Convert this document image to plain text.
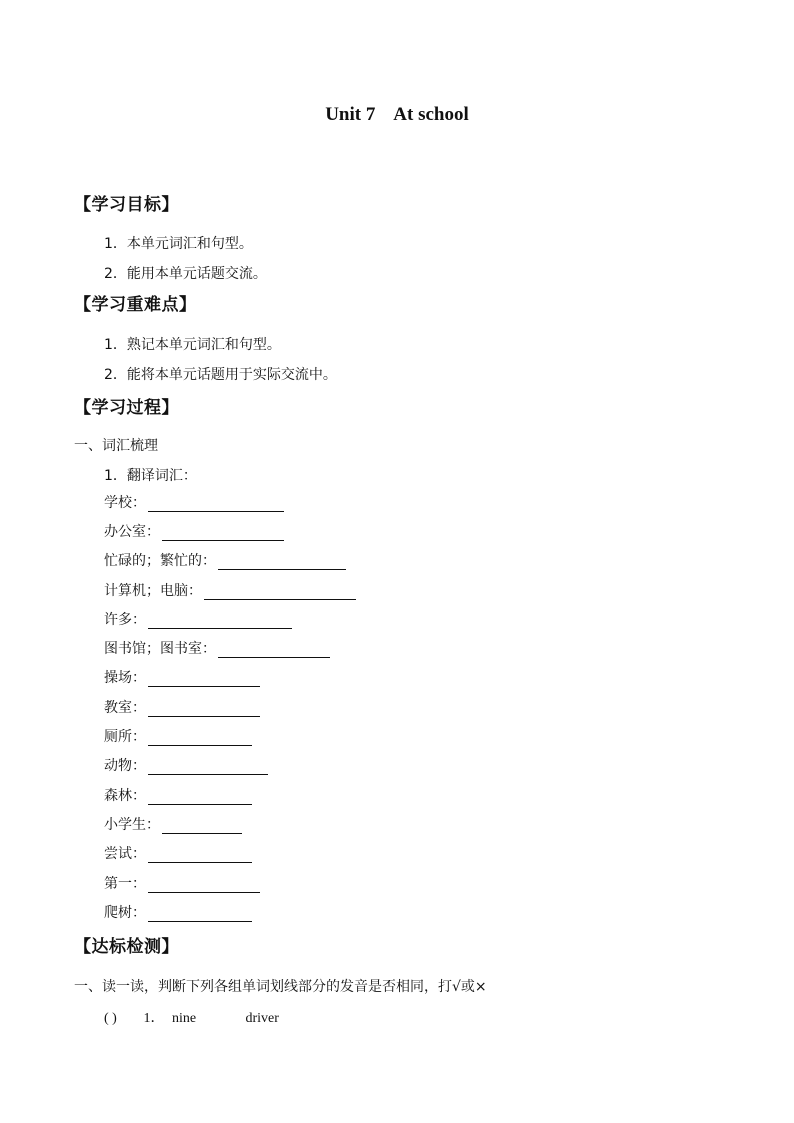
Unit 7    At school
【学习目标】
1．本单元词汇和句型。
2．能用本单元话题交流。
【学习重难点】
1．熟记本单元词汇和句型。
2．能将本单元话题用于实际交流中。
【学习过程】
一、词汇梳理
1．翻译词汇：
学校：
办公室：
忙碌的；繁忙的：
计算机；电脑：
许多：
图书馆；图书室：
操场：
教室：
厕所：
动物：
森林：
小学生：
尝试：
第一：
爬树：
【达标检测】
一、读一读，判断下列各组单词划线部分的发音是否相同，打√或×
( ) 1． nine	driver
